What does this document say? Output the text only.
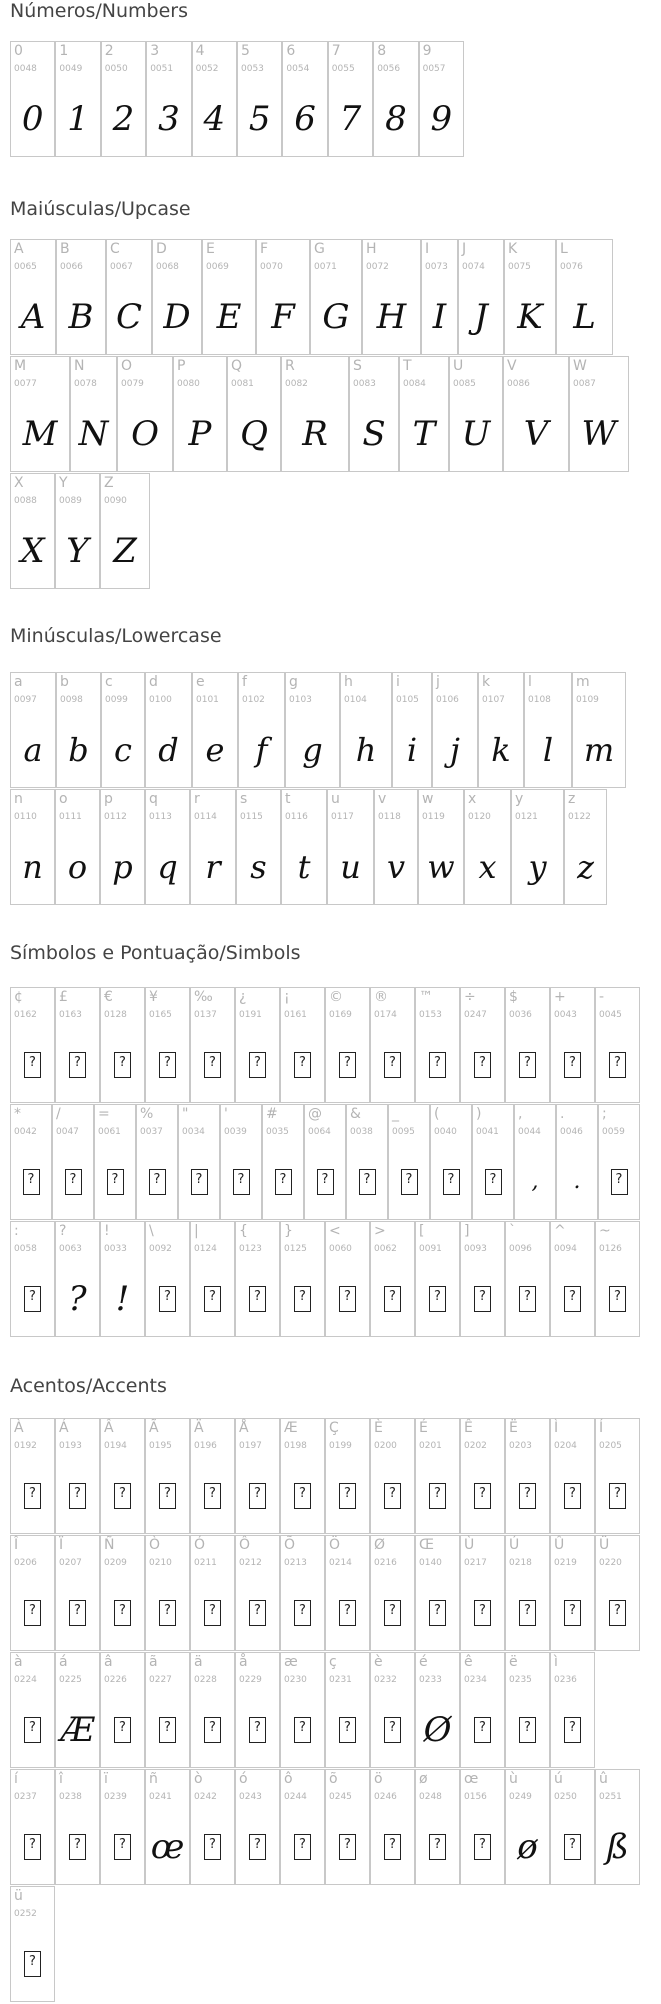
Números/Numbers
0
0048
0
1
0049
1
2
0050
2
3
0051
3
4
0052
4
5
0053
5
6
0054
6
7
0055
7
8
0056
8
9
0057
9
Maiúsculas/Upcase
A
0065
A
B
0066
B
C
0067
C
D
0068
D
E
0069
E
F
0070
F
G
0071
G
H
0072
H
I
0073
I
J
0074
J
K
0075
K
L
0076
L
M
0077
M
N
0078
N
O
0079
O
P
0080
P
Q
0081
Q
R
0082
R
S
0083
S
T
0084
T
U
0085
U
V
0086
V
W
0087
W
X
0088
X
Y
0089
Y
Z
0090
Z
Minúsculas/Lowercase
a
0097
a
b
0098
b
c
0099
c
d
0100
d
e
0101
e
f
0102
f
g
0103
g
h
0104
h
i
0105
i
j
0106
j
k
0107
k
l
0108
l
m
0109
m
n
0110
n
o
0111
o
p
0112
p
q
0113
q
r
0114
r
s
0115
s
t
0116
t
u
0117
u
v
0118
v
w
0119
w
x
0120
x
y
0121
y
z
0122
z
Símbolos e Pontuação/Simbols
¢
0162
?
£
0163
?
€
0128
?
¥
0165
?
‰
0137
?
¿
0191
?
¡
0161
?
©
0169
?
®
0174
?
™
0153
?
÷
0247
?
$
0036
?
+
0043
?
-
0045
?
*
0042
?
/
0047
?
=
0061
?
%
0037
?
"
0034
?
'
0039
?
#
0035
?
@
0064
?
&
0038
?
_
0095
?
(
0040
?
)
0041
?
,
0044
,
.
0046
.
;
0059
?
:
0058
?
?
0063
?
!
0033
!
\
0092
?
|
0124
?
{
0123
?
}
0125
?
<
0060
?
>
0062
?
[
0091
?
]
0093
?
`
0096
?
^
0094
?
~
0126
?
Acentos/Accents
À
0192
?
Á
0193
?
Â
0194
?
Ã
0195
?
Ä
0196
?
Å
0197
?
Æ
0198
?
Ç
0199
?
È
0200
?
É
0201
?
Ê
0202
?
Ë
0203
?
Ì
0204
?
Í
0205
?
Î
0206
?
Ï
0207
?
Ñ
0209
?
Ò
0210
?
Ó
0211
?
Ô
0212
?
Õ
0213
?
Ö
0214
?
Ø
0216
?
Œ
0140
?
Ù
0217
?
Ú
0218
?
Û
0219
?
Ü
0220
?
à
0224
?
á
0225
Æ
â
0226
?
ã
0227
?
ä
0228
?
å
0229
?
æ
0230
?
ç
0231
?
è
0232
?
é
0233
Ø
ê
0234
?
ë
0235
?
ì
0236
?
í
0237
?
î
0238
?
ï
0239
?
ñ
0241
œ
ò
0242
?
ó
0243
?
ô
0244
?
õ
0245
?
ö
0246
?
ø
0248
?
œ
0156
?
ù
0249
ø
ú
0250
?
û
0251
ß
ü
0252
?
